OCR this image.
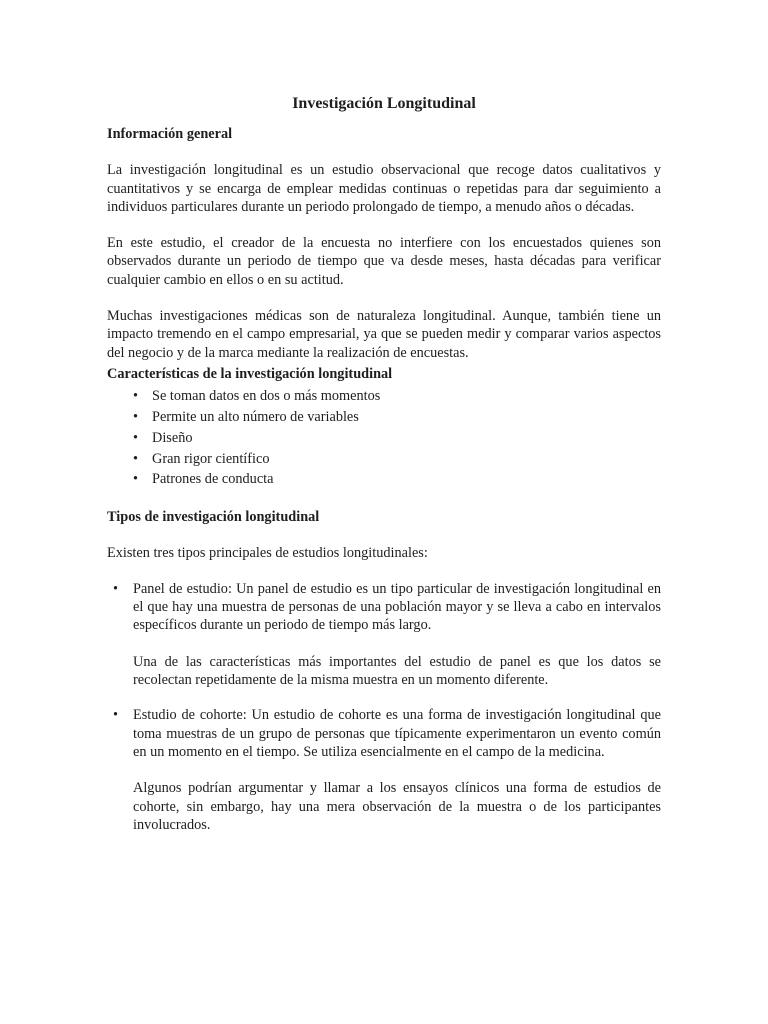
Investigación Longitudinal

Información general

La investigación longitudinal es un estudio observacional que recoge datos cualitativos y cuantitativos y se encarga de emplear medidas continuas o repetidas para dar seguimiento a individuos particulares durante un periodo prolongado de tiempo, a menudo años o décadas.

En este estudio, el creador de la encuesta no interfiere con los encuestados quienes son observados durante un periodo de tiempo que va desde meses, hasta décadas para verificar cualquier cambio en ellos o en su actitud.

Muchas investigaciones médicas son de naturaleza longitudinal. Aunque, también tiene un impacto tremendo en el campo empresarial, ya que se pueden medir y comparar varios aspectos del negocio y de la marca mediante la realización de encuestas.

Características de la investigación longitudinal

• Se toman datos en dos o más momentos
• Permite un alto número de variables
• Diseño
• Gran rigor científico
• Patrones de conducta

Tipos de investigación longitudinal

Existen tres tipos principales de estudios longitudinales:

• Panel de estudio: Un panel de estudio es un tipo particular de investigación longitudinal en el que hay una muestra de personas de una población mayor y se lleva a cabo en intervalos específicos durante un periodo de tiempo más largo.

Una de las características más importantes del estudio de panel es que los datos se recolectan repetidamente de la misma muestra en un momento diferente.

• Estudio de cohorte: Un estudio de cohorte es una forma de investigación longitudinal que toma muestras de un grupo de personas que típicamente experimentaron un evento común en un momento en el tiempo. Se utiliza esencialmente en el campo de la medicina.

Algunos podrían argumentar y llamar a los ensayos clínicos una forma de estudios de cohorte, sin embargo, hay una mera observación de la muestra o de los participantes involucrados.
